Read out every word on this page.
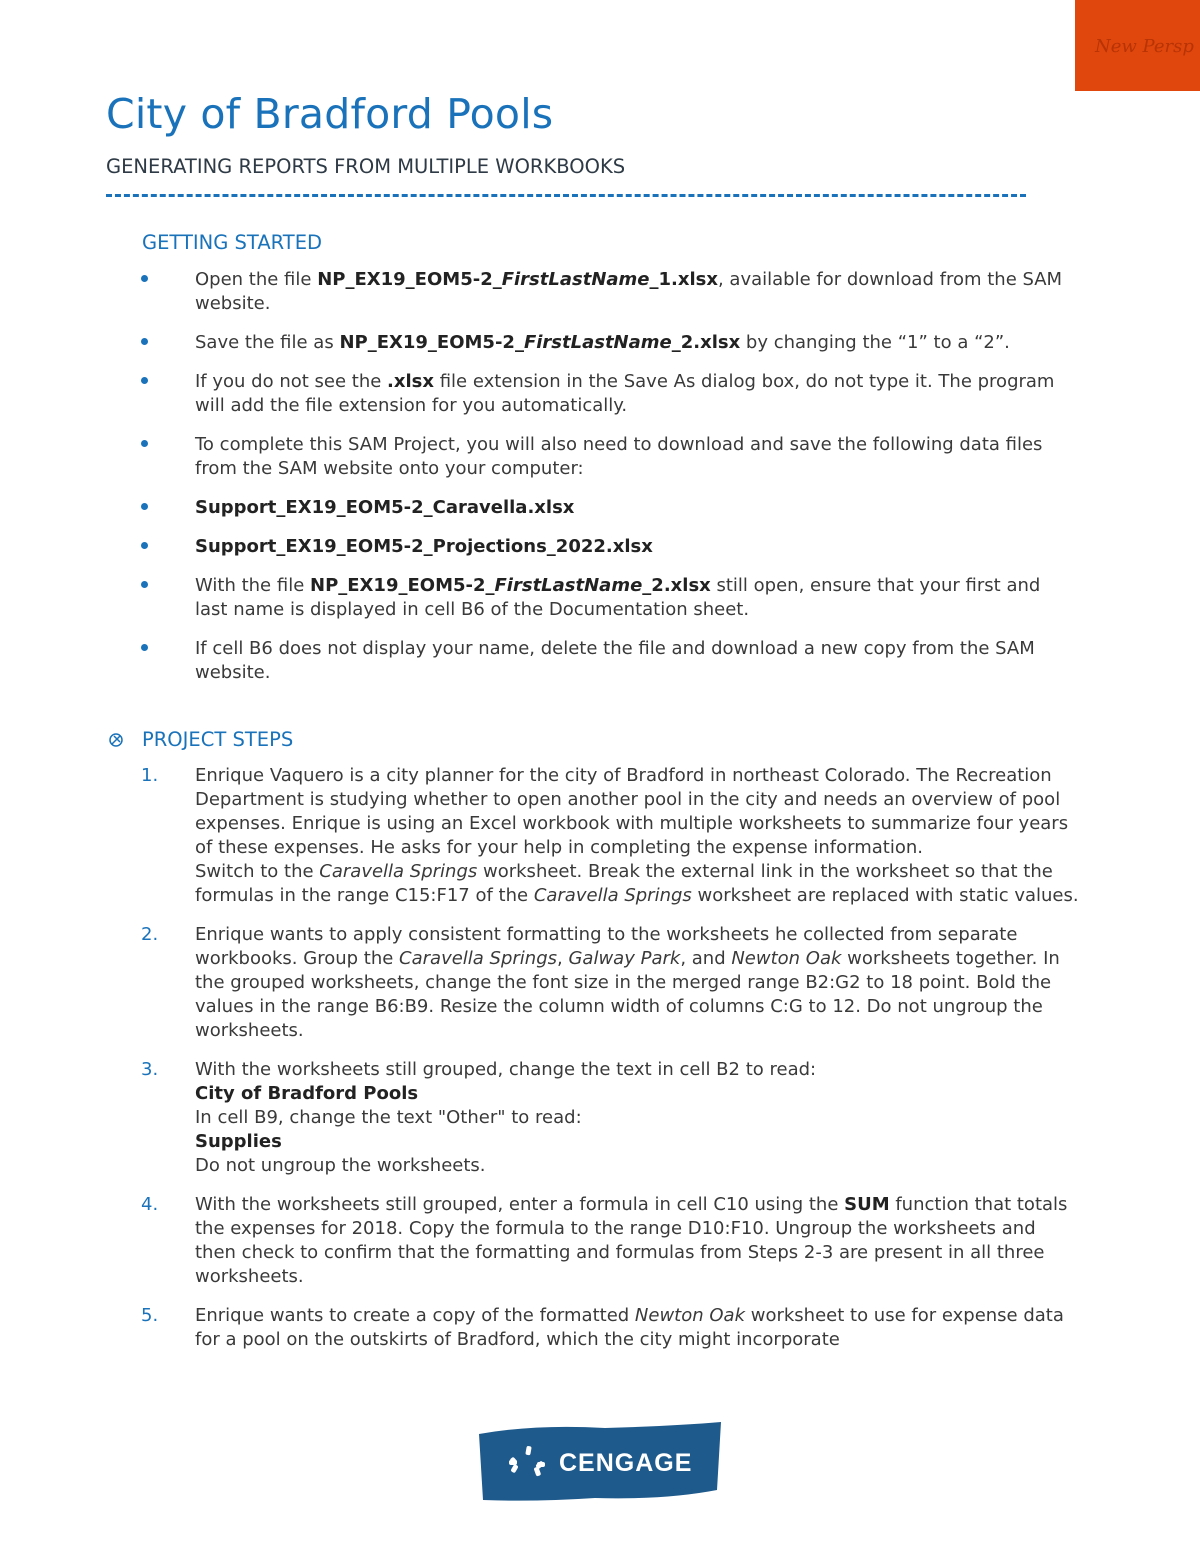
New Persp
City of Bradford Pools
GENERATING REPORTS FROM MULTIPLE WORKBOOKS
GETTING STARTED
Open the file NP_EX19_EOM5-2_FirstLastName_1.xlsx, available for download from the SAM website.
Save the file as NP_EX19_EOM5-2_FirstLastName_2.xlsx by changing the “1” to a “2”.
If you do not see the .xlsx file extension in the Save As dialog box, do not type it. The program will add the file extension for you automatically.
To complete this SAM Project, you will also need to download and save the following data files from the SAM website onto your computer:
Support_EX19_EOM5-2_Caravella.xlsx
Support_EX19_EOM5-2_Projections_2022.xlsx
With the file NP_EX19_EOM5-2_FirstLastName_2.xlsx still open, ensure that your first and last name is displayed in cell B6 of the Documentation sheet.
If cell B6 does not display your name, delete the file and download a new copy from the SAM website.
PROJECT STEPS
1. Enrique Vaquero is a city planner for the city of Bradford in northeast Colorado. The Recreation Department is studying whether to open another pool in the city and needs an overview of pool expenses. Enrique is using an Excel workbook with multiple worksheets to summarize four years of these expenses. He asks for your help in completing the expense information.
Switch to the Caravella Springs worksheet. Break the external link in the worksheet so that the formulas in the range C15:F17 of the Caravella Springs worksheet are replaced with static values.
2. Enrique wants to apply consistent formatting to the worksheets he collected from separate workbooks. Group the Caravella Springs, Galway Park, and Newton Oak worksheets together. In the grouped worksheets, change the font size in the merged range B2:G2 to 18 point. Bold the values in the range B6:B9. Resize the column width of columns C:G to 12. Do not ungroup the worksheets.
3. With the worksheets still grouped, change the text in cell B2 to read:
City of Bradford Pools
In cell B9, change the text "Other" to read:
Supplies
Do not ungroup the worksheets.
4. With the worksheets still grouped, enter a formula in cell C10 using the SUM function that totals the expenses for 2018. Copy the formula to the range D10:F10. Ungroup the worksheets and then check to confirm that the formatting and formulas from Steps 2-3 are present in all three worksheets.
5. Enrique wants to create a copy of the formatted Newton Oak worksheet to use for expense data for a pool on the outskirts of Bradford, which the city might incorporate
CENGAGE
